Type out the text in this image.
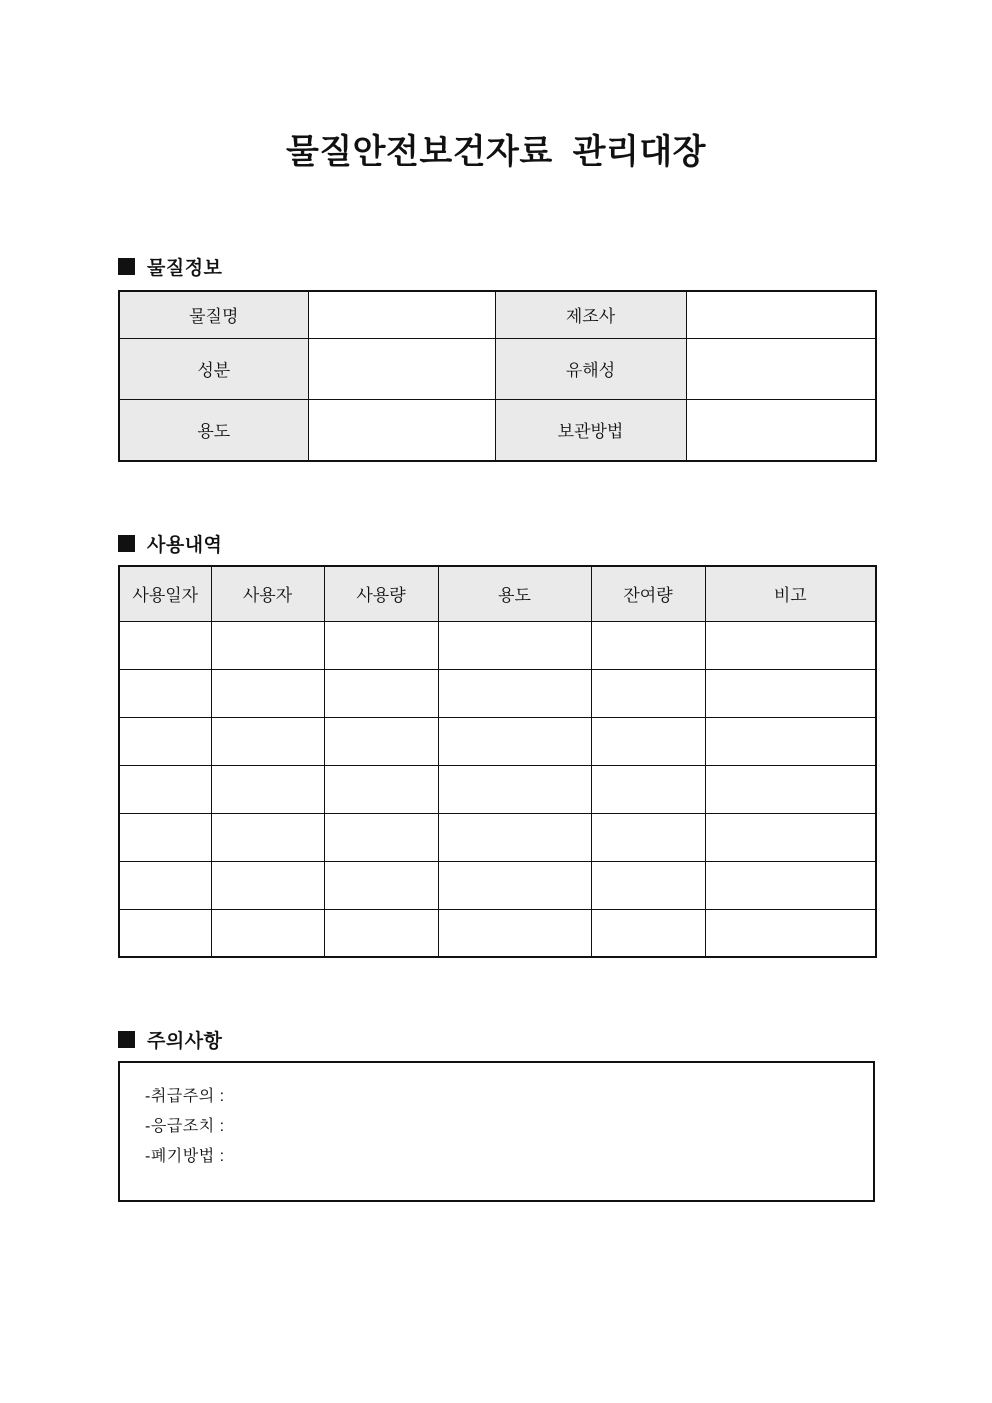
물질안전보건자료  관리대장
물질정보
물질명		제조사	
성분		유해성	
용도		보관방법	
사용내역
사용일자	사용자	사용량	용도	잔여량	비고

주의사항
-취급주의 :
-응급조치 :
-폐기방법 :
